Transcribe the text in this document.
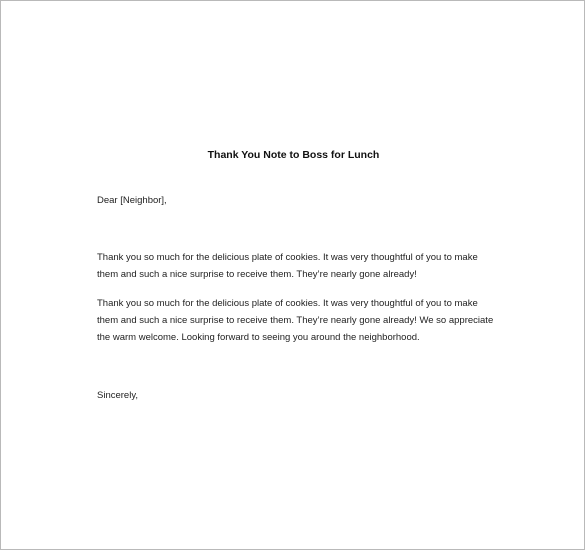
Thank You Note to Boss for Lunch
Dear [Neighbor],
Thank you so much for the delicious plate of cookies. It was very thoughtful of you to make
them and such a nice surprise to receive them. They’re nearly gone already!
Thank you so much for the delicious plate of cookies. It was very thoughtful of you to make
them and such a nice surprise to receive them. They’re nearly gone already! We so appreciate
the warm welcome. Looking forward to seeing you around the neighborhood.
Sincerely,
